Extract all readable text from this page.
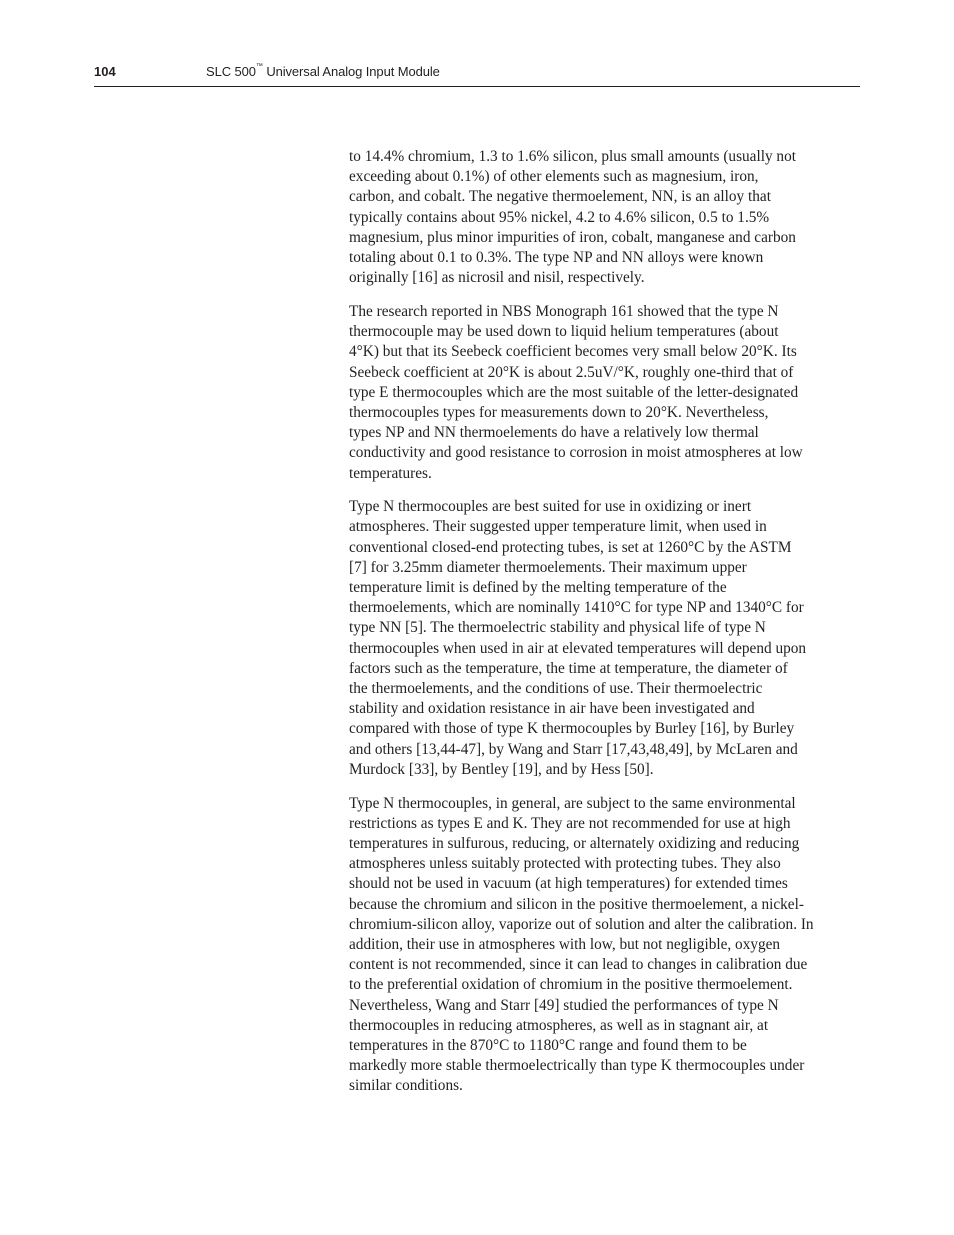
104	SLC 500™ Universal Analog Input Module

to 14.4% chromium, 1.3 to 1.6% silicon, plus small amounts (usually not
exceeding about 0.1%) of other elements such as magnesium, iron,
carbon, and cobalt. The negative thermoelement, NN, is an alloy that
typically contains about 95% nickel, 4.2 to 4.6% silicon, 0.5 to 1.5%
magnesium, plus minor impurities of iron, cobalt, manganese and carbon
totaling about 0.1 to 0.3%. The type NP and NN alloys were known
originally [16] as nicrosil and nisil, respectively.

The research reported in NBS Monograph 161 showed that the type N
thermocouple may be used down to liquid helium temperatures (about
4°K) but that its Seebeck coefficient becomes very small below 20°K. Its
Seebeck coefficient at 20°K is about 2.5uV/°K, roughly one-third that of
type E thermocouples which are the most suitable of the letter-designated
thermocouples types for measurements down to 20°K. Nevertheless,
types NP and NN thermoelements do have a relatively low thermal
conductivity and good resistance to corrosion in moist atmospheres at low
temperatures.

Type N thermocouples are best suited for use in oxidizing or inert
atmospheres. Their suggested upper temperature limit, when used in
conventional closed-end protecting tubes, is set at 1260°C by the ASTM
[7] for 3.25mm diameter thermoelements. Their maximum upper
temperature limit is defined by the melting temperature of the
thermoelements, which are nominally 1410°C for type NP and 1340°C for
type NN [5]. The thermoelectric stability and physical life of type N
thermocouples when used in air at elevated temperatures will depend upon
factors such as the temperature, the time at temperature, the diameter of
the thermoelements, and the conditions of use. Their thermoelectric
stability and oxidation resistance in air have been investigated and
compared with those of type K thermocouples by Burley [16], by Burley
and others [13,44-47], by Wang and Starr [17,43,48,49], by McLaren and
Murdock [33], by Bentley [19], and by Hess [50].

Type N thermocouples, in general, are subject to the same environmental
restrictions as types E and K. They are not recommended for use at high
temperatures in sulfurous, reducing, or alternately oxidizing and reducing
atmospheres unless suitably protected with protecting tubes. They also
should not be used in vacuum (at high temperatures) for extended times
because the chromium and silicon in the positive thermoelement, a nickel-
chromium-silicon alloy, vaporize out of solution and alter the calibration. In
addition, their use in atmospheres with low, but not negligible, oxygen
content is not recommended, since it can lead to changes in calibration due
to the preferential oxidation of chromium in the positive thermoelement.
Nevertheless, Wang and Starr [49] studied the performances of type N
thermocouples in reducing atmospheres, as well as in stagnant air, at
temperatures in the 870°C to 1180°C range and found them to be
markedly more stable thermoelectrically than type K thermocouples under
similar conditions.
